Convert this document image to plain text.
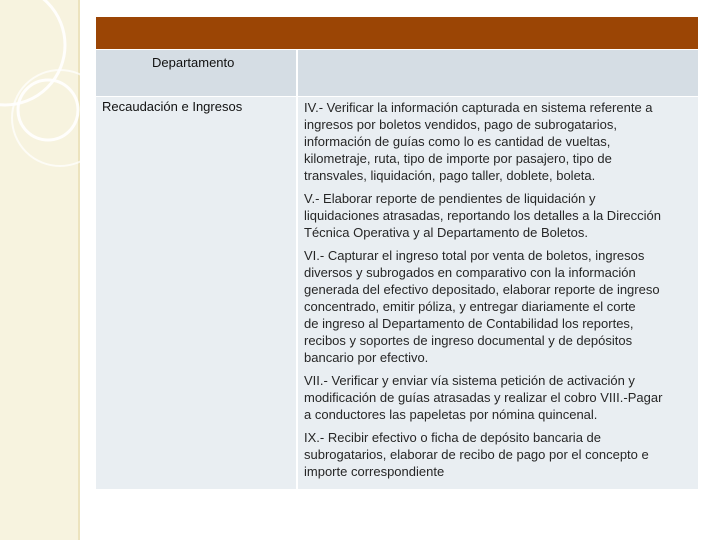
Departamento
Recaudación e Ingresos	IV.- Verificar la información capturada en sistema referente a
ingresos por boletos vendidos, pago de subrogatarios,
información de guías como lo es cantidad de vueltas,
kilometraje, ruta, tipo de importe por pasajero, tipo de
transvales, liquidación, pago taller, doblete, boleta.
V.- Elaborar reporte de pendientes de liquidación y
liquidaciones atrasadas, reportando los detalles a la Dirección
Técnica Operativa y al Departamento de Boletos.
VI.- Capturar el ingreso total por venta de boletos, ingresos
diversos y subrogados en comparativo con la información
generada del efectivo depositado, elaborar reporte de ingreso
concentrado, emitir póliza, y entregar diariamente el corte
de ingreso al Departamento de Contabilidad los reportes,
recibos y soportes de ingreso documental y de depósitos
bancario por efectivo.
VII.- Verificar y enviar vía sistema petición de activación y
modificación de guías atrasadas y realizar el cobro VIII.-Pagar
a conductores las papeletas por nómina quincenal.
IX.- Recibir efectivo o ficha de depósito bancaria de
subrogatarios, elaborar de recibo de pago por el concepto e
importe correspondiente
